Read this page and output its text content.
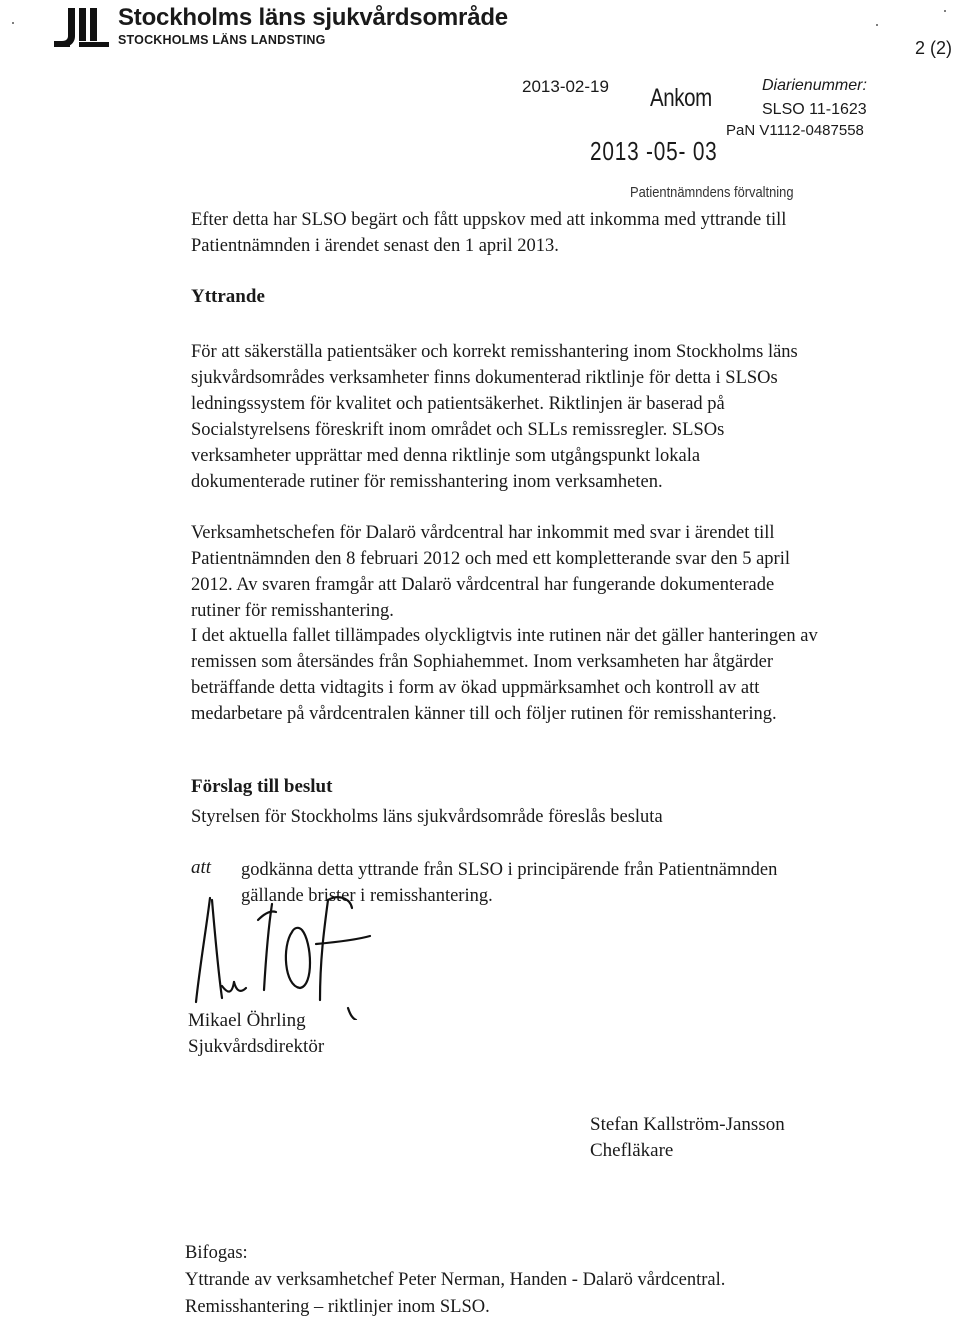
Stockholms läns sjukvårdsområde
STOCKHOLMS LÄNS LANDSTING	2 (2)
2013-02-19	Diarienummer:
SLSO 11-1623
PaN V1112-0487558
Ankom
2013 -05- 03
Patientnämndens förvaltning
Efter detta har SLSO begärt och fått uppskov med att inkomma med yttrande till
Patientnämnden i ärendet senast den 1 april 2013.
Yttrande
För att säkerställa patientsäker och korrekt remisshantering inom Stockholms läns
sjukvårdsområdes verksamheter finns dokumenterad riktlinje för detta i SLSOs
ledningssystem för kvalitet och patientsäkerhet. Riktlinjen är baserad på
Socialstyrelsens föreskrift inom området och SLLs remissregler. SLSOs
verksamheter upprättar med denna riktlinje som utgångspunkt lokala
dokumenterade rutiner för remisshantering inom verksamheten.
Verksamhetschefen för Dalarö vårdcentral har inkommit med svar i ärendet till
Patientnämnden den 8 februari 2012 och med ett kompletterande svar den 5 april
2012. Av svaren framgår att Dalarö vårdcentral har fungerande dokumenterade
rutiner för remisshantering.
I det aktuella fallet tillämpades olyckligtvis inte rutinen när det gäller hanteringen av
remissen som återsändes från Sophiahemmet. Inom verksamheten har åtgärder
beträffande detta vidtagits i form av ökad uppmärksamhet och kontroll av att
medarbetare på vårdcentralen känner till och följer rutinen för remisshantering.
Förslag till beslut
Styrelsen för Stockholms läns sjukvårdsområde föreslås besluta
att godkänna detta yttrande från SLSO i principärende från Patientnämnden
gällande brister i remisshantering.
Mikael Öhrling
Sjukvårdsdirektör
Stefan Kallström-Jansson
Chefläkare
Bifogas:
Yttrande av verksamhetchef Peter Nerman, Handen - Dalarö vårdcentral.
Remisshantering – riktlinjer inom SLSO.
